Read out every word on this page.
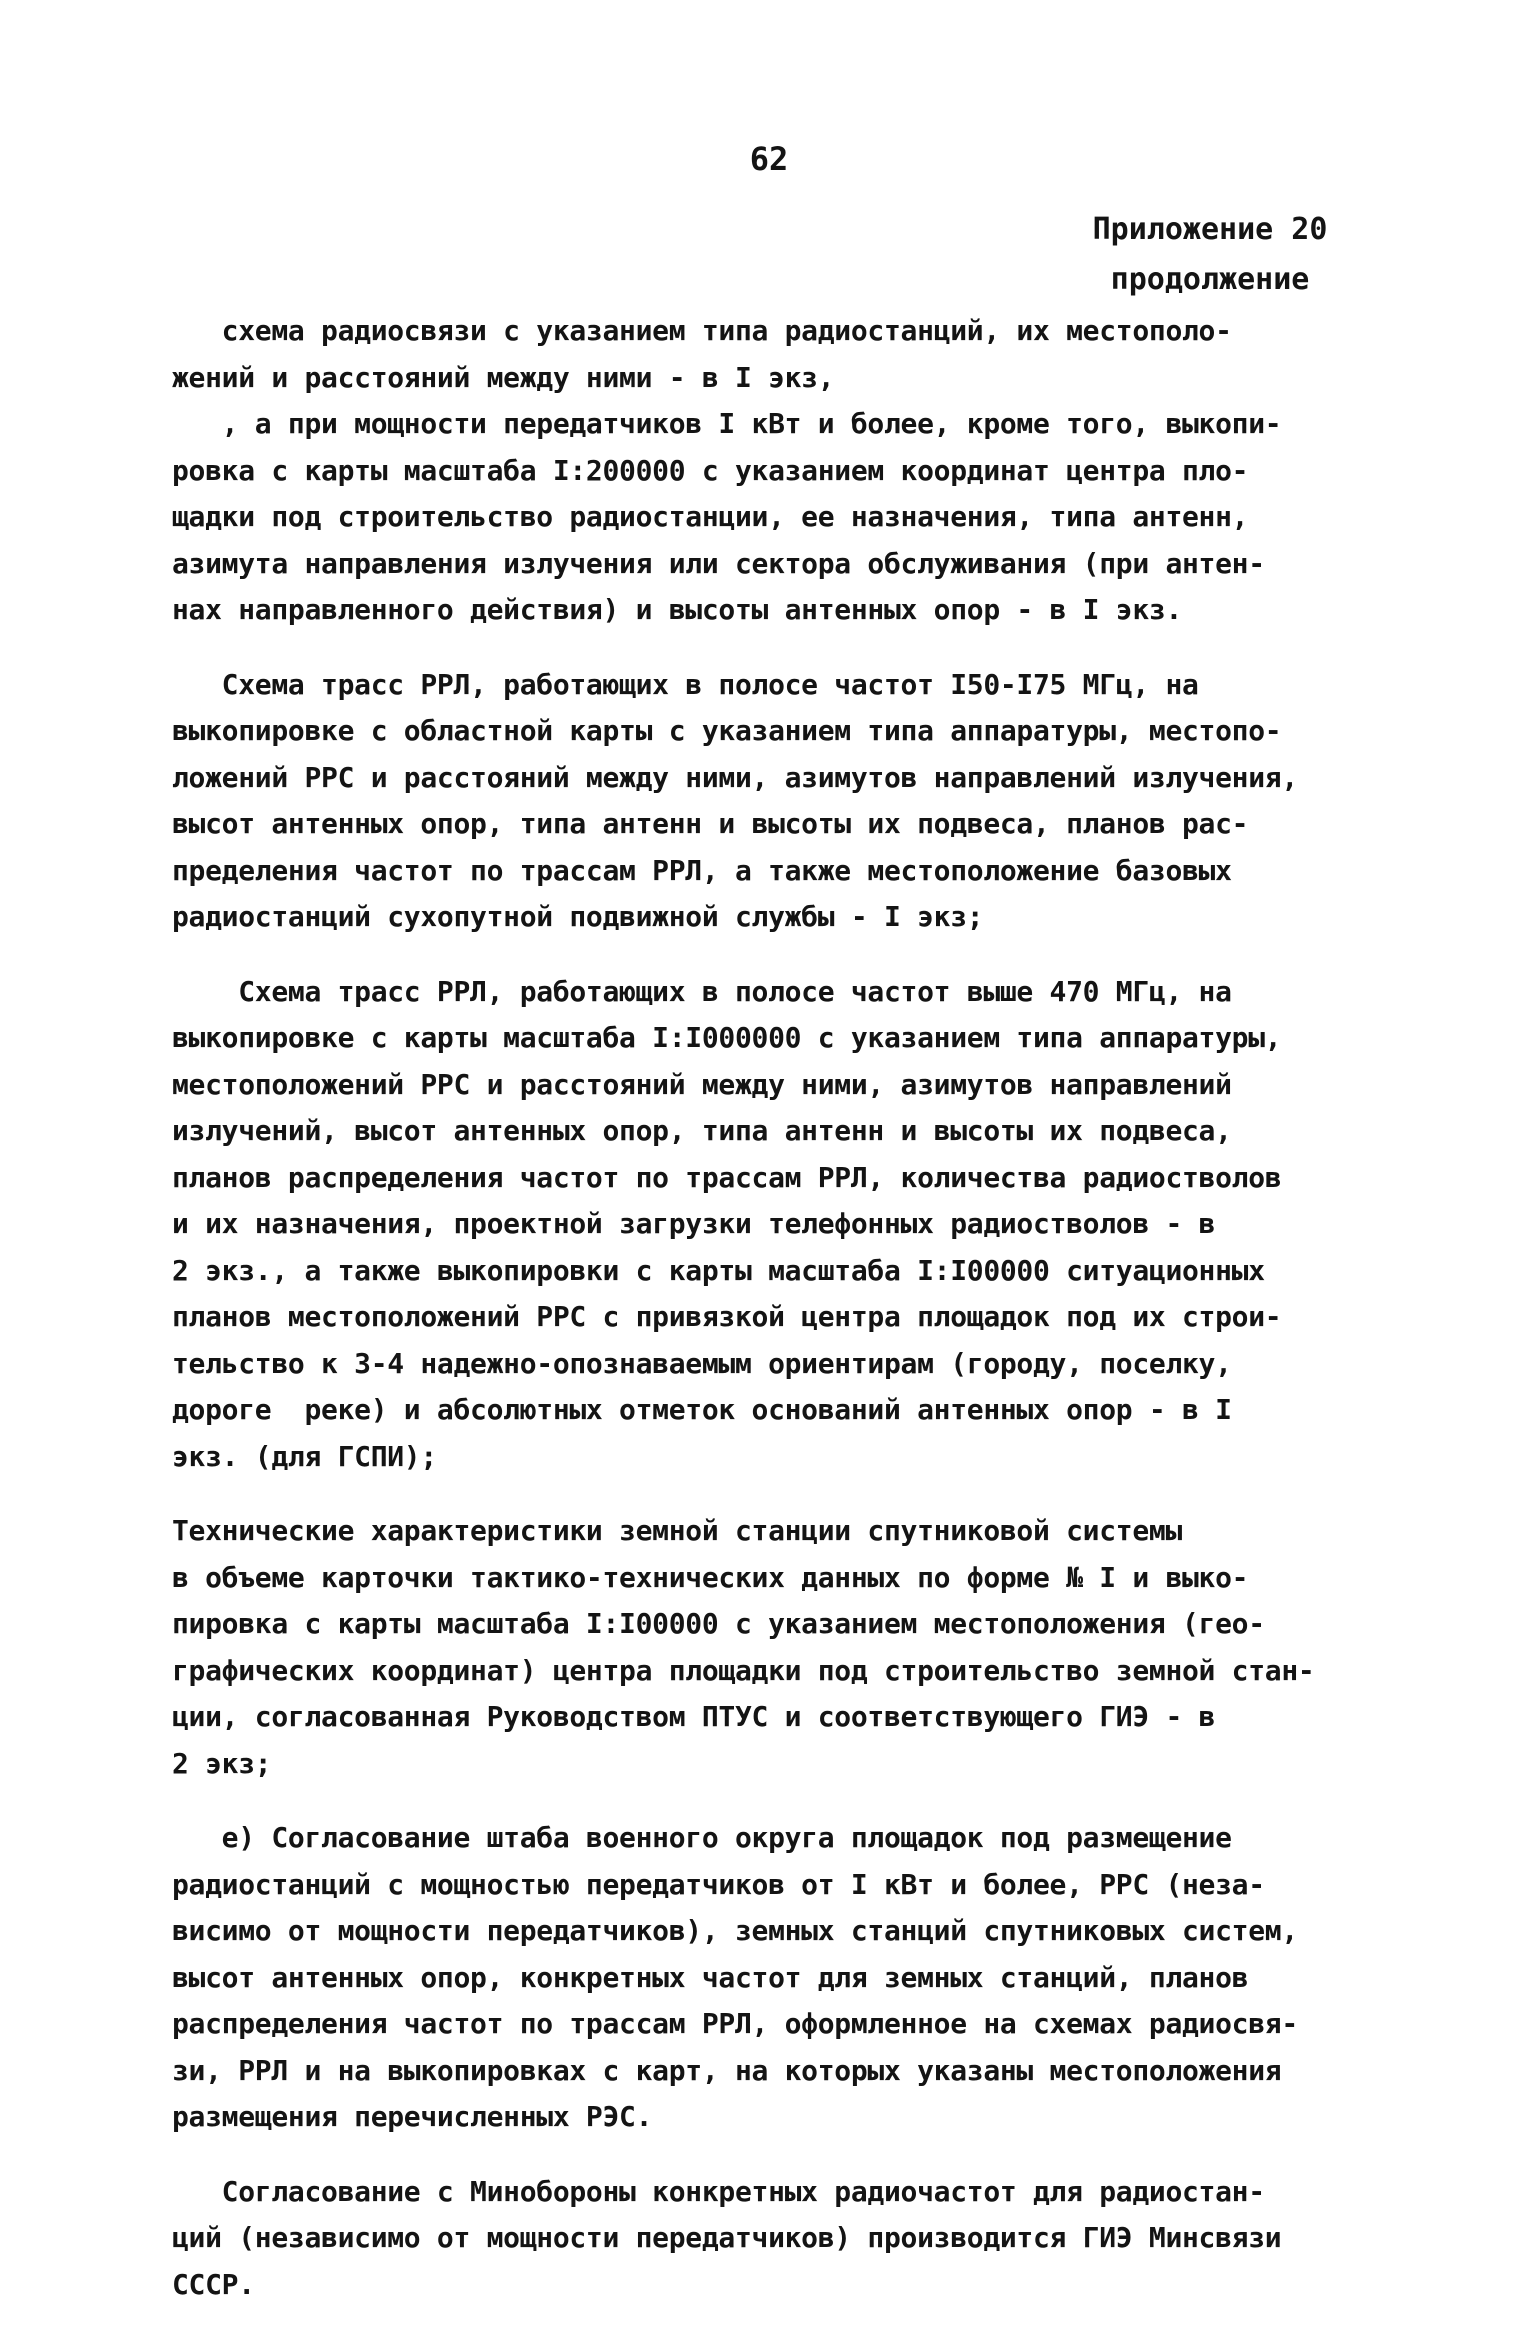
62
Приложение 20
продолжение
схема радиосвязи с указанием типа радиостанций, их местополо-
жений и расстояний между ними - в I экз,
, а при мощности передатчиков I кВт и более, кроме того, выкопи-
ровка с карты масштаба I:200000 с указанием координат центра пло-
щадки под строительство радиостанции, ее назначения, типа антенн,
азимута направления излучения или сектора обслуживания (при антен-
нах направленного действия) и высоты антенных опор - в I экз.
Схема трасс РРЛ, работающих в полосе частот I50-I75 МГц, на
выкопировке с областной карты с указанием типа аппаратуры, местопо-
ложений РРС и расстояний между ними, азимутов направлений излучения,
высот антенных опор, типа антенн и высоты их подвеса, планов рас-
пределения частот по трассам РРЛ, а также местоположение базовых
радиостанций сухопутной подвижной службы - I экз;
Схема трасс РРЛ, работающих в полосе частот выше 470 МГц, на
выкопировке с карты масштаба I:I000000 с указанием типа аппаратуры,
местоположений РРС и расстояний между ними, азимутов направлений
излучений, высот антенных опор, типа антенн и высоты их подвеса,
планов распределения частот по трассам РРЛ, количества радиостволов
и их назначения, проектной загрузки телефонных радиостволов - в
2 экз., а также выкопировки с карты масштаба I:I00000 ситуационных
планов местоположений РРС с привязкой центра площадок под их строи-
тельство к 3-4 надежно-опознаваемым ориентирам (городу, поселку,
дороге  реке) и абсолютных отметок оснований антенных опор - в I
экз. (для ГСПИ);
Технические характеристики земной станции спутниковой системы
в объеме карточки тактико-технических данных по форме № I и выко-
пировка с карты масштаба I:I00000 с указанием местоположения (гео-
графических координат) центра площадки под строительство земной стан-
ции, согласованная Руководством ПТУС и соответствующего ГИЭ - в
2 экз;
е) Согласование штаба военного округа площадок под размещение
радиостанций с мощностью передатчиков от I кВт и более, РРС (неза-
висимо от мощности передатчиков), земных станций спутниковых систем,
высот антенных опор, конкретных частот для земных станций, планов
распределения частот по трассам РРЛ, оформленное на схемах радиосвя-
зи, РРЛ и на выкопировках с карт, на которых указаны местоположения
размещения перечисленных РЭС.
Согласование с Минобороны конкретных радиочастот для радиостан-
ций (независимо от мощности передатчиков) производится ГИЭ Минсвязи
СССР.
